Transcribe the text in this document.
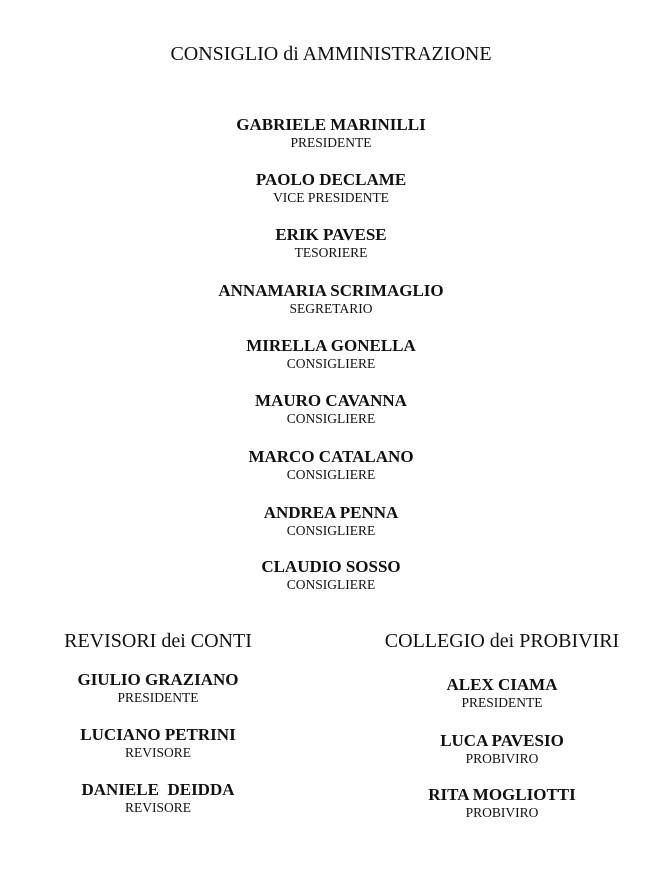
CONSIGLIO di AMMINISTRAZIONE
GABRIELE MARINILLI
PRESIDENTE
PAOLO DECLAME
VICE PRESIDENTE
ERIK PAVESE
TESORIERE
ANNAMARIA SCRIMAGLIO
SEGRETARIO
MIRELLA GONELLA
CONSIGLIERE
MAURO CAVANNA
CONSIGLIERE
MARCO CATALANO
CONSIGLIERE
ANDREA PENNA
CONSIGLIERE
CLAUDIO SOSSO
CONSIGLIERE
REVISORI dei CONTI
GIULIO GRAZIANO
PRESIDENTE
LUCIANO PETRINI
REVISORE
DANIELE  DEIDDA
REVISORE
COLLEGIO dei PROBIVIRI
ALEX CIAMA
PRESIDENTE
LUCA PAVESIO
PROBIVIRO
RITA MOGLIOTTI
PROBIVIRO
